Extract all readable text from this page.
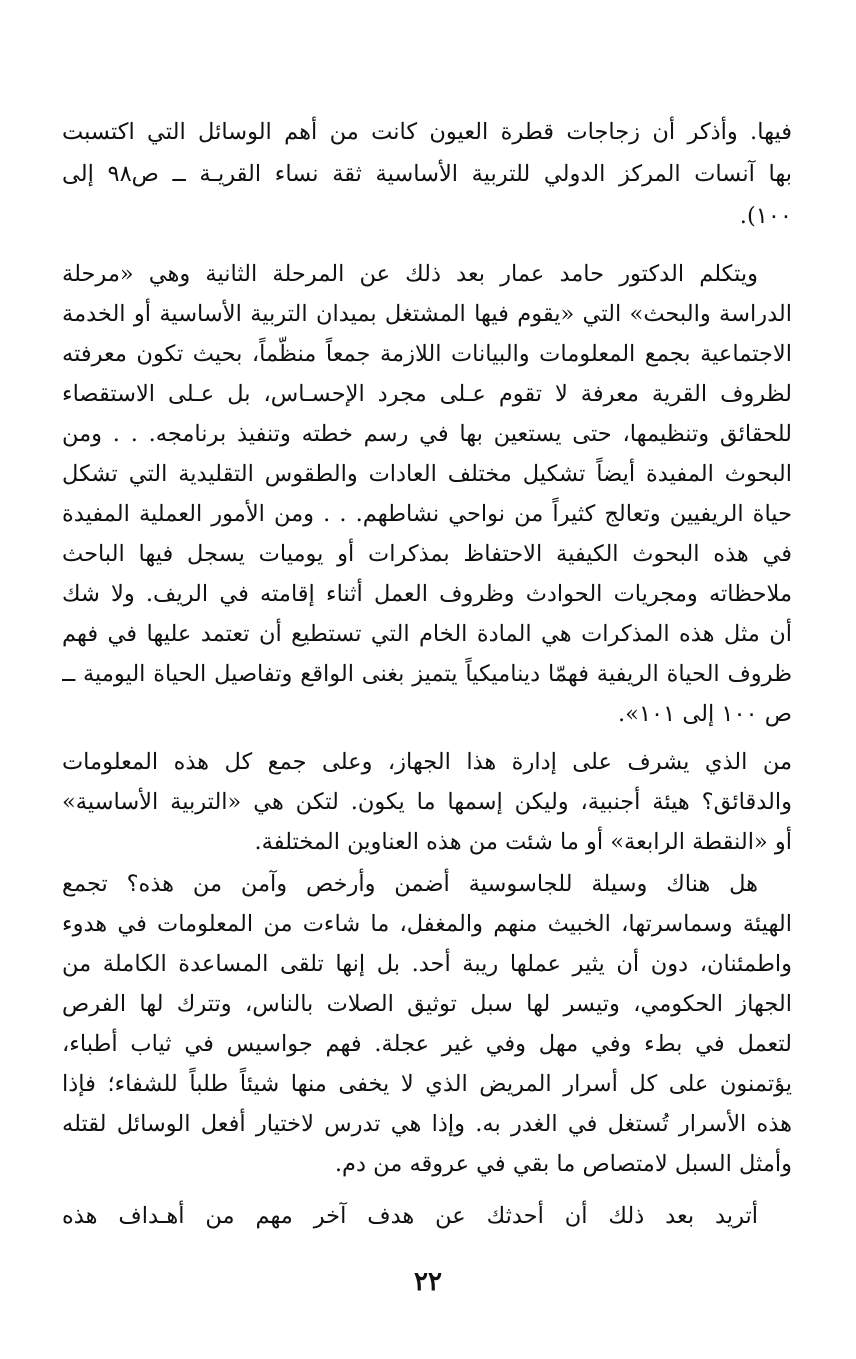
فيها. وأذكر أن زجاجات قطرة العيون كانت من أهم الوسائل التي اكتسبت
بها آنسات المركز الدولي للتربية الأساسية ثقة نساء القريـة ــ ص٩٨ إلى
١٠٠).
ويتكلم الدكتور حامد عمار بعد ذلك عن المرحلة الثانية وهي «مرحلة
الدراسة والبحث» التي «يقوم فيها المشتغل بميدان التربية الأساسية أو الخدمة
الاجتماعية بجمع المعلومات والبيانات اللازمة جمعاً منظّماً، بحيث تكون معرفته
لظروف القرية معرفة لا تقوم عـلى مجرد الإحسـاس، بل عـلى الاستقصاء
للحقائق وتنظيمها، حتى يستعين بها في رسم خطته وتنفيذ برنامجه. . . ومن
البحوث المفيدة أيضاً تشكيل مختلف العادات والطقوس التقليدية التي تشكل
حياة الريفيين وتعالج كثيراً من نواحي نشاطهم. . . ومن الأمور العملية المفيدة
في هذه البحوث الكيفية الاحتفاظ بمذكرات أو يوميات يسجل فيها الباحث
ملاحظاته ومجريات الحوادث وظروف العمل أثناء إقامته في الريف. ولا شك
أن مثل هذه المذكرات هي المادة الخام التي تستطيع أن تعتمد عليها في فهم
ظروف الحياة الريفية فهمّا ديناميكياً يتميز بغنى الواقع وتفاصيل الحياة اليومية ــ
ص ١٠٠ إلى ١٠١».
من الذي يشرف على إدارة هذا الجهاز، وعلى جمع كل هذه المعلومات
والدقائق؟ هيئة أجنبية، وليكن إسمها ما يكون. لتكن هي «التربية الأساسية»
أو «النقطة الرابعة» أو ما شئت من هذه العناوين المختلفة.
هل هناك وسيلة للجاسوسية أضمن وأرخص وآمن من هذه؟ تجمع
الهيئة وسماسرتها، الخبيث منهم والمغفل، ما شاءت من المعلومات في هدوء
واطمئنان، دون أن يثير عملها ريبة أحد. بل إنها تلقى المساعدة الكاملة من
الجهاز الحكومي، وتيسر لها سبل توثيق الصلات بالناس، وتترك لها الفرص
لتعمل في بطء وفي مهل وفي غير عجلة. فهم جواسيس في ثياب أطباء،
يؤتمنون على كل أسرار المريض الذي لا يخفى منها شيئاً طلباً للشفاء؛ فإذا
هذه الأسرار تُستغل في الغدر به. وإذا هي تدرس لاختيار أفعل الوسائل لقتله
وأمثل السبل لامتصاص ما بقي في عروقه من دم.
أتريد بعد ذلك أن أحدثك عن هدف آخر مهم من أهـداف هذه
٢٢
